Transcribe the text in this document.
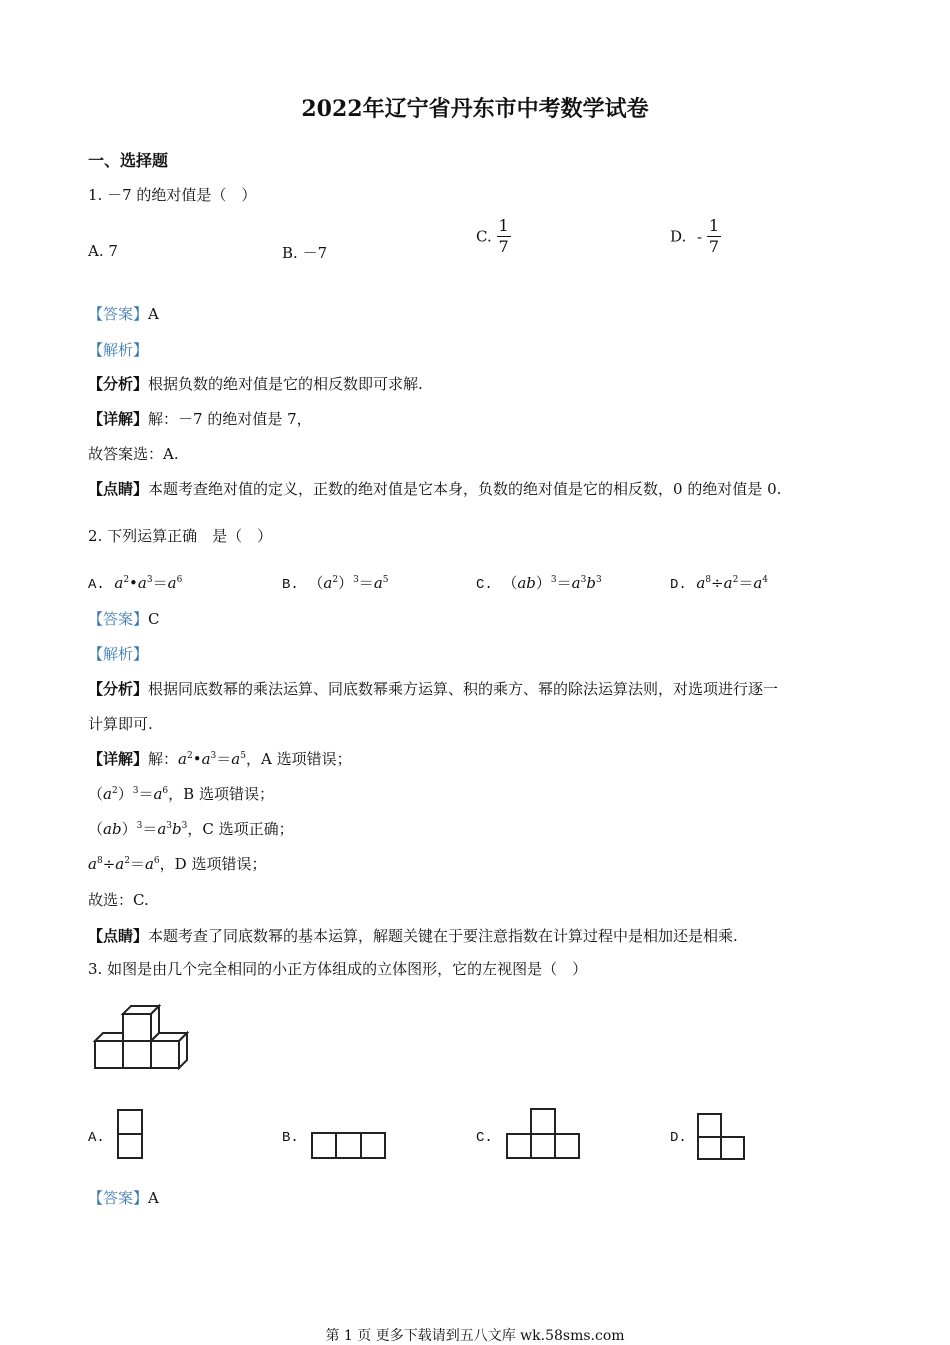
2022年辽宁省丹东市中考数学试卷
一、选择题
1. －7 的绝对值是（　）
A. 7	B. －7
C. $\frac{1}{7}$	D. - $\frac{1}{7}$
【答案】A
【解析】
【分析】根据负数的绝对值是它的相反数即可求解.
【详解】解：－7 的绝对值是 7，
故答案选：A.
【点睛】本题考查绝对值的定义，正数的绝对值是它本身，负数的绝对值是它的相反数，0 的绝对值是 0.
2. 下列运算正确　是（　）
A. $a^2•a^3=a^6$	B.  $(a^2)^3=a^5$	C.  $(ab)^3=a^3b^3$	D. $a^8\div a^2=a^4$
【答案】C
【解析】
【分析】根据同底数幂的乘法运算、同底数幂乘方运算、积的乘方、幂的除法运算法则，对选项进行逐一
计算即可.
【详解】解：$a^2•a^3=a^5$，A 选项错误；
$(a^2)^3=a^6$，B 选项错误；
$(ab)^3=a^3b^3$，C 选项正确；
$a^8\div a^2=a^6$，D 选项错误；
故选：C.
【点睛】本题考查了同底数幂的基本运算，解题关键在于要注意指数在计算过程中是相加还是相乘.
3. 如图是由几个完全相同的小正方体组成的立体图形，它的左视图是（　）
A.	B.	C.	D.
【答案】A
第 1 页 更多下载请到五八文库 wk.58sms.com
